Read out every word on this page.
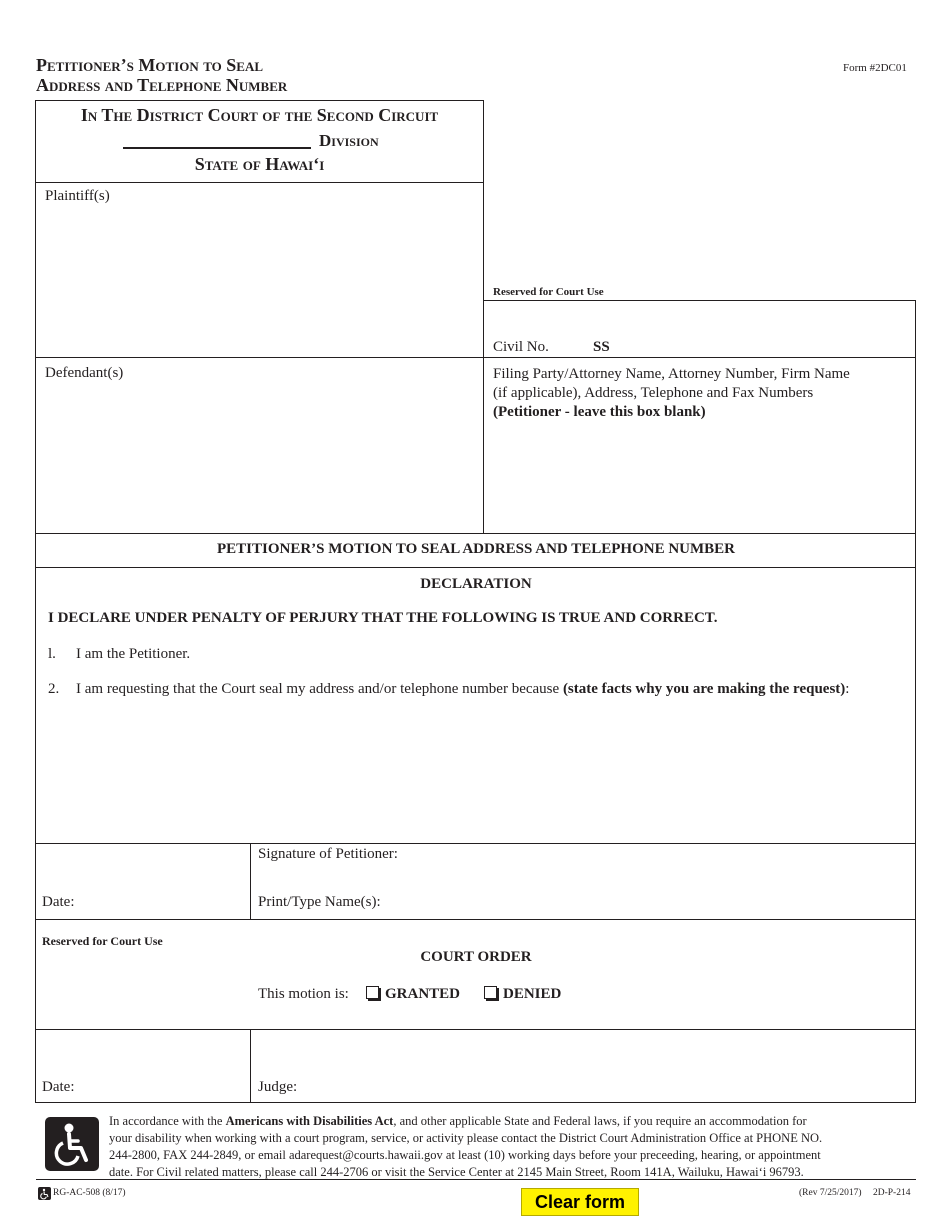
Petitioner’s Motion to Seal
Address and Telephone Number
Form #2DC01
In The District Court of the Second Circuit
Division
State of Hawai‘i
Plaintiff(s)
Defendant(s)
Reserved for Court Use
Civil No.	SS
Filing Party/Attorney Name, Attorney Number, Firm Name
(if applicable), Address, Telephone and Fax Numbers
(Petitioner - leave this box blank)
PETITIONER’S MOTION TO SEAL ADDRESS AND TELEPHONE NUMBER
DECLARATION
I DECLARE UNDER PENALTY OF PERJURY THAT THE FOLLOWING IS TRUE AND CORRECT.
l. I am the Petitioner.
2. I am requesting that the Court seal my address and/or telephone number because (state facts why you are making the request):
Signature of Petitioner:
Date:	Print/Type Name(s):
Reserved for Court Use
COURT ORDER
This motion is:	GRANTED	DENIED
Date:	Judge:
In accordance with the Americans with Disabilities Act, and other applicable State and Federal laws, if you require an accommodation for
your disability when working with a court program, service, or activity please contact the District Court Administration Office at PHONE NO.
244-2800, FAX 244-2849, or email adarequest@courts.hawaii.gov at least (10) working days before your preceeding, hearing, or appointment
date. For Civil related matters, please call 244-2706 or visit the Service Center at 2145 Main Street, Room 141A, Wailuku, Hawai‘i 96793.
RG-AC-508 (8/17)	Clear form	(Rev 7/25/2017) 2D-P-214
